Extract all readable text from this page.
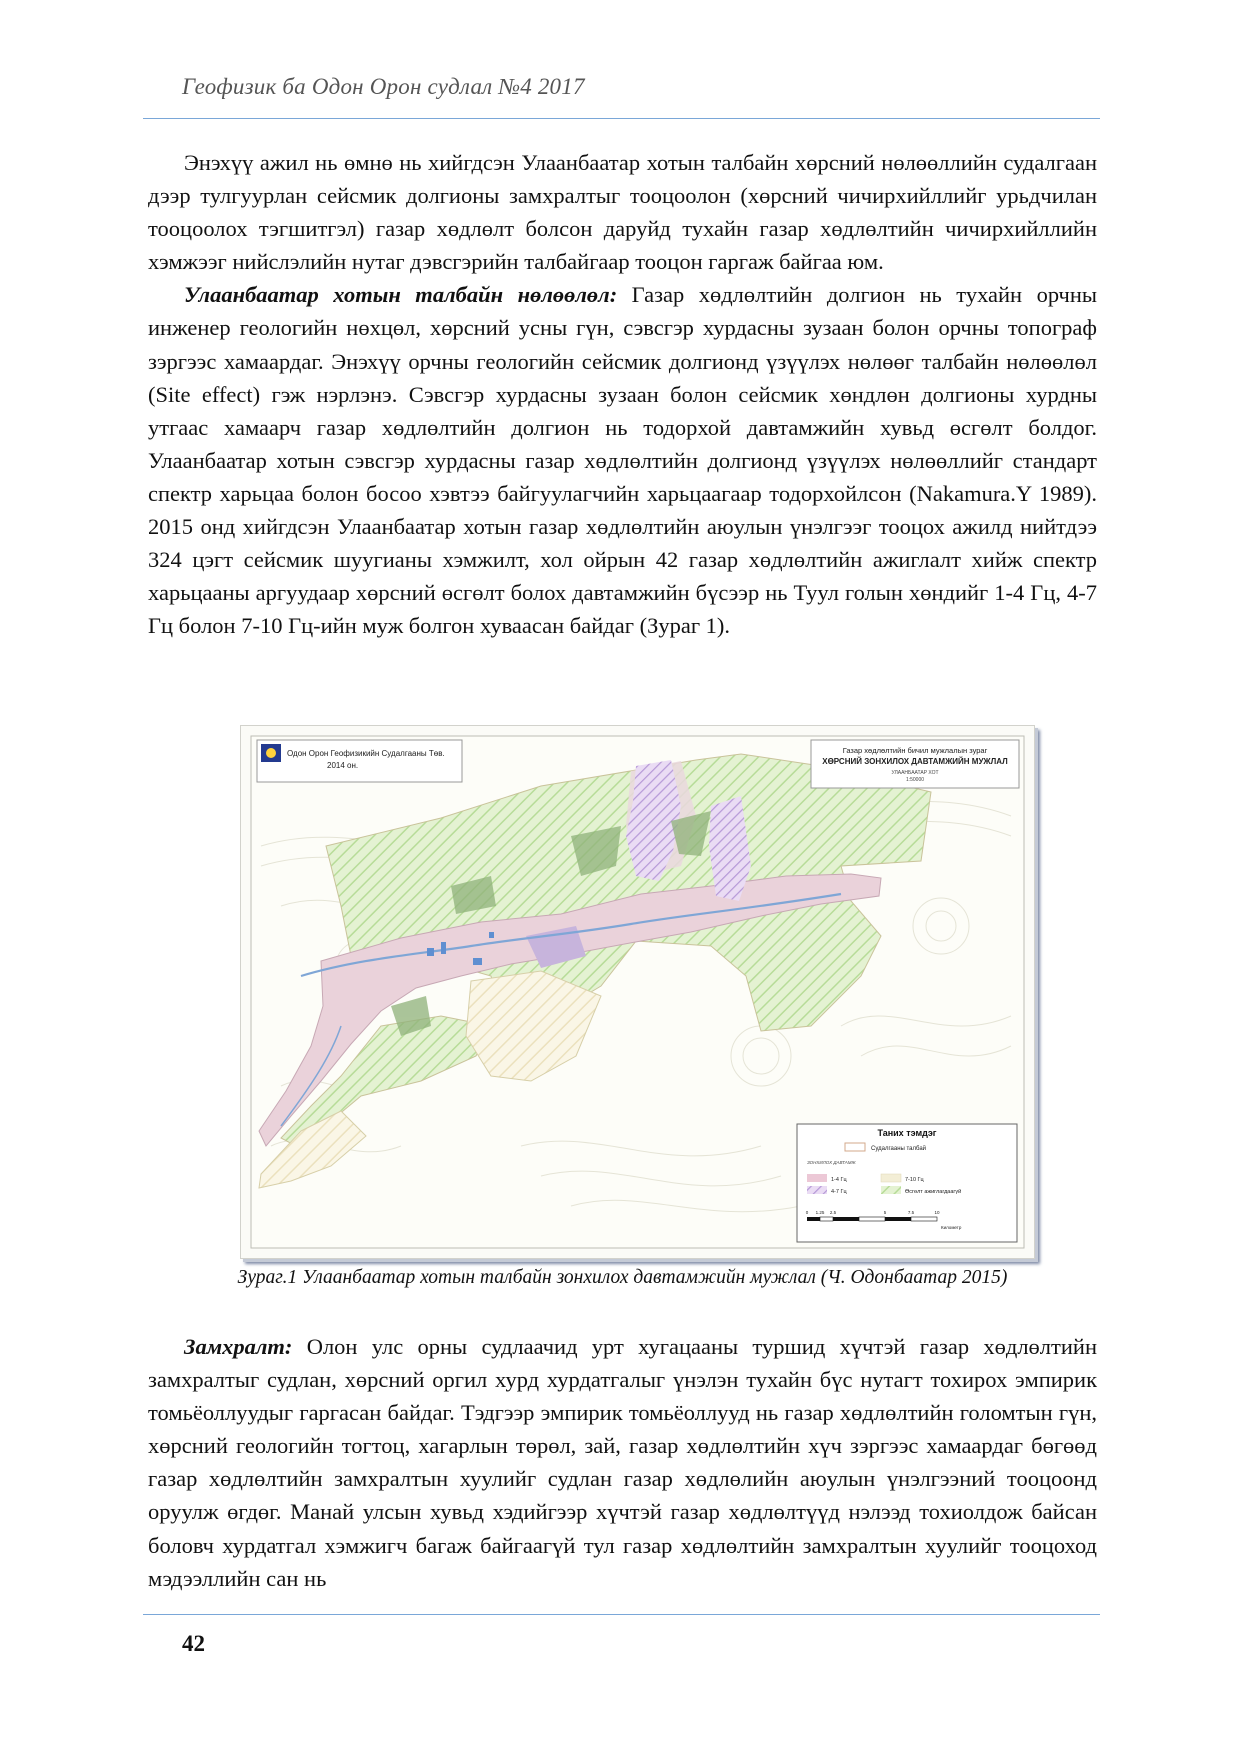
Геофизик ба Одон Орон судлал №4 2017

Энэхүү ажил нь өмнө нь хийгдсэн Улаанбаатар хотын талбайн хөрсний нөлөөллийн судалгаан дээр тулгуурлан сейсмик долгионы замхралтыг тооцоолон (хөрсний чичирхийллийг урьдчилан тооцоолох тэгшитгэл) газар хөдлөлт болсон даруйд тухайн газар хөдлөлтийн чичирхийллийн хэмжээг нийслэлийн нутаг дэвсгэрийн талбайгаар тооцон гаргаж байгаа юм.

Улаанбаатар хотын талбайн нөлөөлөл: Газар хөдлөлтийн долгион нь тухайн орчны инженер геологийн нөхцөл, хөрсний усны гүн, сэвсгэр хурдасны зузаан болон орчны топограф зэргээс хамаардаг. Энэхүү орчны геологийн сейсмик долгионд үзүүлэх нөлөөг талбайн нөлөөлөл (Site effect) гэж нэрлэнэ. Сэвсгэр хурдасны зузаан болон сейсмик хөндлөн долгионы хурдны утгаас хамаарч газар хөдлөлтийн долгион нь тодорхой давтамжийн хувьд өсгөлт болдог. Улаанбаатар хотын сэвсгэр хурдасны газар хөдлөлтийн долгионд үзүүлэх нөлөөллийг стандарт спектр харьцаа болон босоо хэвтээ байгуулагчийн харьцаагаар тодорхойлсон (Nakamura.Y 1989). 2015 онд хийгдсэн Улаанбаатар хотын газар хөдлөлтийн аюулын үнэлгээг тооцох ажилд нийтдээ 324 цэгт сейсмик шуугианы хэмжилт, хол ойрын 42 газар хөдлөлтийн ажиглалт хийж спектр харьцааны аргуудаар хөрсний өсгөлт болох давтамжийн бүсээр нь Туул голын хөндийг 1-4 Гц, 4-7 Гц болон 7-10 Гц-ийн муж болгон хуваасан байдаг (Зураг 1).

Одон Орон Геофизикийн Судалгааны Төв.
2014 он.
Газар хөдлөлтийн бичил мужлалын зураг
ХӨРСНИЙ ЗОНХИЛОХ ДАВТАМЖИЙН МУЖЛАЛ
УЛААНБААТАР ХОТ
1:50000
Таних тэмдэг
Судалгааны талбай
ЗОНХИЛОХ ДАВТАМЖ
1-4 Гц
4-7 Гц
7-10 Гц
Өсгөлт ажиглагдаагүй
0 1.25 2.5	5	7.5	10
Километр
Зураг.1 Улаанбаатар хотын талбайн зонхилох давтамжийн мужлал (Ч. Одонбаатар 2015)

Замхралт: Олон улс орны судлаачид урт хугацааны туршид хүчтэй газар хөдлөлтийн замхралтыг судлан, хөрсний оргил хурд хурдатгалыг үнэлэн тухайн бүс нутагт тохирох эмпирик томьёоллуудыг гаргасан байдаг. Тэдгээр эмпирик томьёоллууд нь газар хөдлөлтийн голомтын гүн, хөрсний геологийн тогтоц, хагарлын төрөл, зай, газар хөдлөлтийн хүч зэргээс хамаардаг бөгөөд газар хөдлөлтийн замхралтын хуулийг судлан газар хөдлөлийн аюулын үнэлгээний тооцоонд оруулж өгдөг. Манай улсын хувьд хэдийгээр хүчтэй газар хөдлөлтүүд нэлээд тохиолдож байсан боловч хурдатгал хэмжигч багаж байгаагүй тул газар хөдлөлтийн замхралтын хуулийг тооцоход мэдээллийн сан нь

42
